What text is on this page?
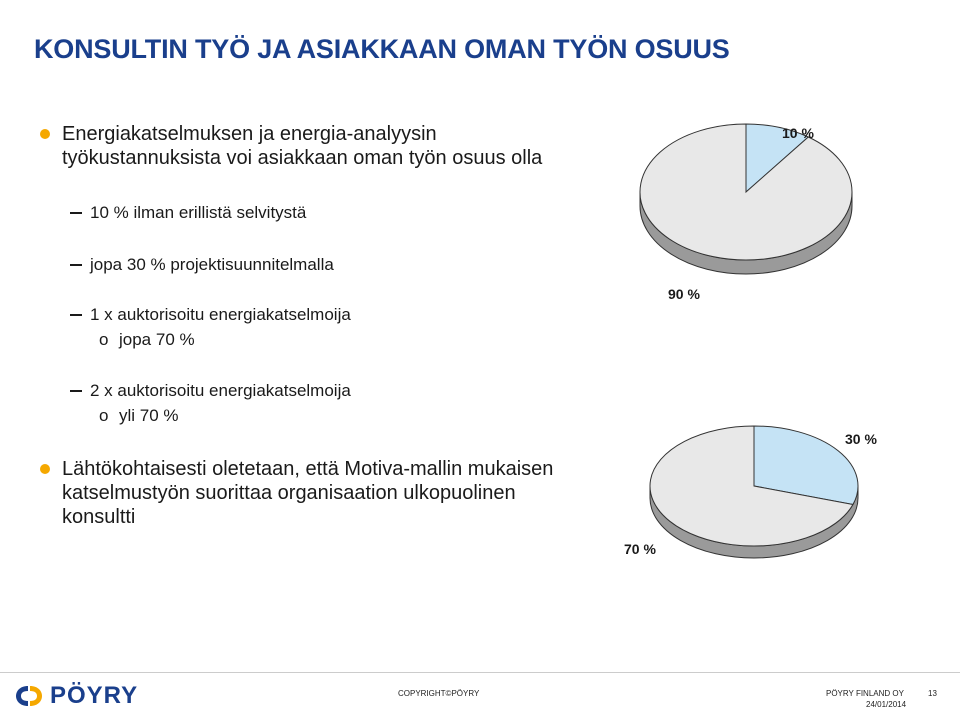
KONSULTIN TYÖ JA ASIAKKAAN OMAN TYÖN OSUUS
Energiakatselmuksen ja energia-analyysin
työkustannuksista voi asiakkaan oman työn osuus olla
10 % ilman erillistä selvitystä
jopa 30 % projektisuunnitelmalla
1 x auktorisoitu energiakatselmoija
o jopa 70 %
2 x auktorisoitu energiakatselmoija
o yli 70 %
Lähtökohtaisesti oletetaan, että Motiva-mallin mukaisen
katselmustyön suorittaa organisaation ulkopuolinen
konsultti
10 %
90 %
30 %
70 %
PÖYRY	COPYRIGHT©PÖYRY	PÖYRY FINLAND OY
24/01/2014
13
